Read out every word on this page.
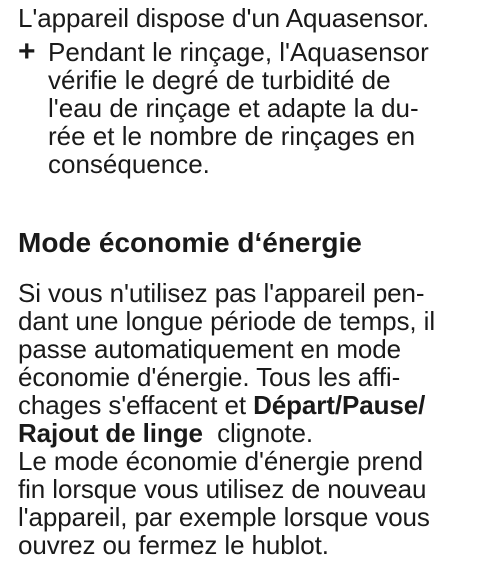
L'appareil dispose d'un Aquasensor.

+ Pendant le rinçage, l'Aquasensor
vérifie le degré de turbidité de
l'eau de rinçage et adapte la du-
rée et le nombre de rinçages en
conséquence.

Mode économie d‘énergie

Si vous n'utilisez pas l'appareil pen-
dant une longue période de temps, il
passe automatiquement en mode
économie d'énergie. Tous les affi-
chages s'effacent et Départ/Pause/
Rajout de linge  clignote.

Le mode économie d'énergie prend
fin lorsque vous utilisez de nouveau
l'appareil, par exemple lorsque vous
ouvrez ou fermez le hublot.
